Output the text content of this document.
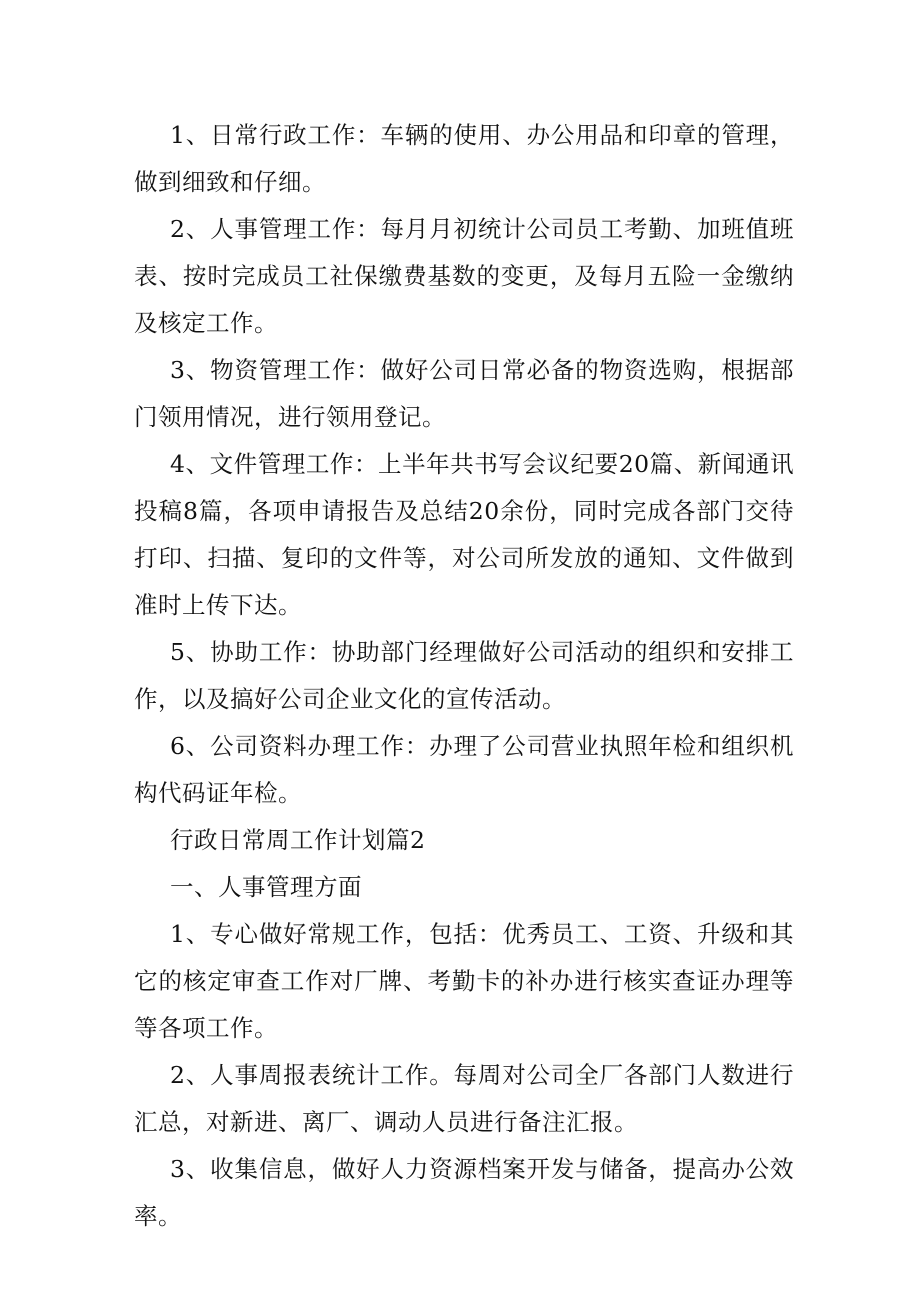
1、日常行政工作：车辆的使用、办公用品和印章的管理，做到细致和仔细。

2、人事管理工作：每月月初统计公司员工考勤、加班值班表、按时完成员工社保缴费基数的变更，及每月五险一金缴纳及核定工作。

3、物资管理工作：做好公司日常必备的物资选购，根据部门领用情况，进行领用登记。

4、文件管理工作：上半年共书写会议纪要20篇、新闻通讯投稿8篇，各项申请报告及总结20余份，同时完成各部门交待打印、扫描、复印的文件等，对公司所发放的通知、文件做到准时上传下达。

5、协助工作：协助部门经理做好公司活动的组织和安排工作，以及搞好公司企业文化的宣传活动。

6、公司资料办理工作：办理了公司营业执照年检和组织机构代码证年检。

行政日常周工作计划篇2

一、人事管理方面

1、专心做好常规工作，包括：优秀员工、工资、升级和其它的核定审查工作对厂牌、考勤卡的补办进行核实查证办理等等各项工作。

2、人事周报表统计工作。每周对公司全厂各部门人数进行汇总，对新进、离厂、调动人员进行备注汇报。

3、收集信息，做好人力资源档案开发与储备，提高办公效率。
